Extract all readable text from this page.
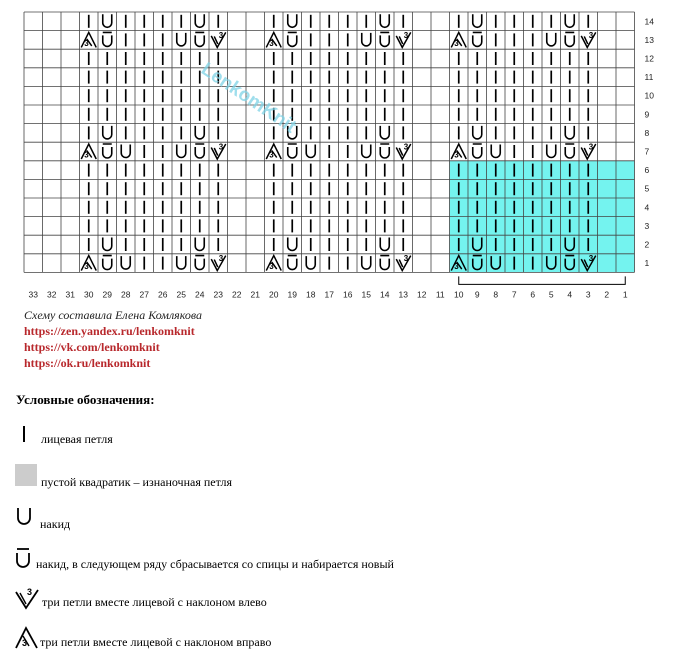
3
3
3
3
3
3
3
3
3
3
3
3
3
3
3
3
3
3
33 32 31 30 29 28 27 26 25 24 23 22 21 20 19 18 17 16 15 14 13 12 11 10 9 8 7 6 5 4 3 2 1
14
13
12
11
10
9
8
7
6
5
4
3
2
1
LenkomKnit
Схему составила Елена Комлякова
https://zen.yandex.ru/lenkomknit
https://vk.com/lenkomknit
https://ok.ru/lenkomknit
Условные обозначения:
лицевая петля
пустой квадратик – изнаночная петля
накид
накид, в следующем ряду сбрасывается со спицы и набирается новый
3
три петли вместе лицевой с наклоном влево
3 три петли вместе лицевой с наклоном вправо
